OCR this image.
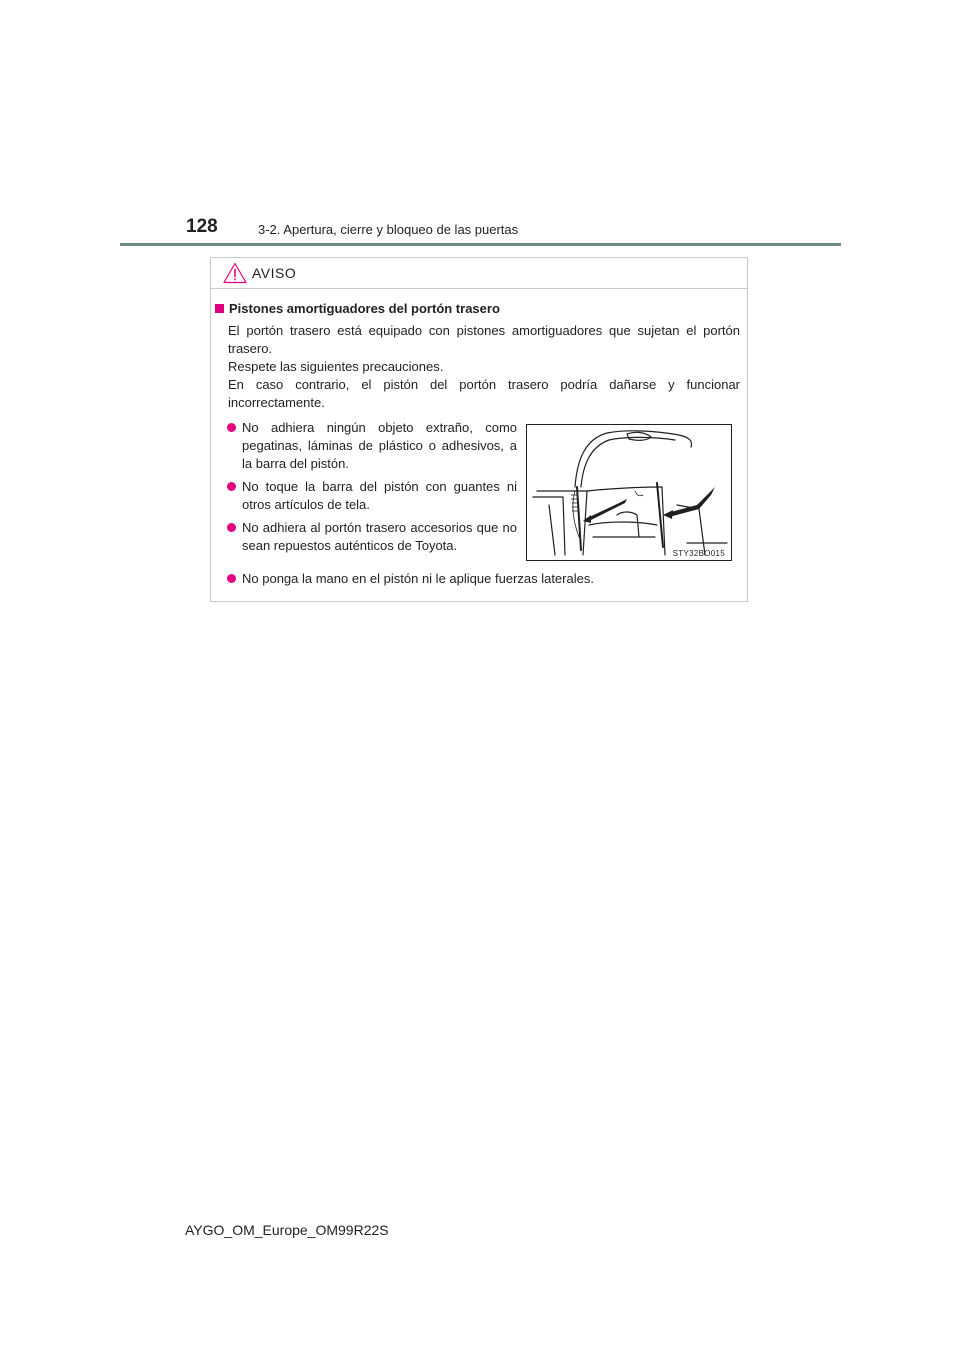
128	3-2. Apertura, cierre y bloqueo de las puertas
AVISO
Pistones amortiguadores del portón trasero

El portón trasero está equipado con pistones amortiguadores que sujetan el portón trasero.

Respete las siguientes precauciones.

En caso contrario, el pistón del portón trasero podría dañarse y funcionar incorrectamente.

No adhiera ningún objeto extraño, como pegatinas, láminas de plástico o adhesivos, a la barra del pistón.
No toque la barra del pistón con guantes ni otros artículos de tela.
No adhiera al portón trasero accesorios que no sean repuestos auténticos de Toyota.
STY32BO015
No ponga la mano en el pistón ni le aplique fuerzas laterales.
AYGO_OM_Europe_OM99R22S
